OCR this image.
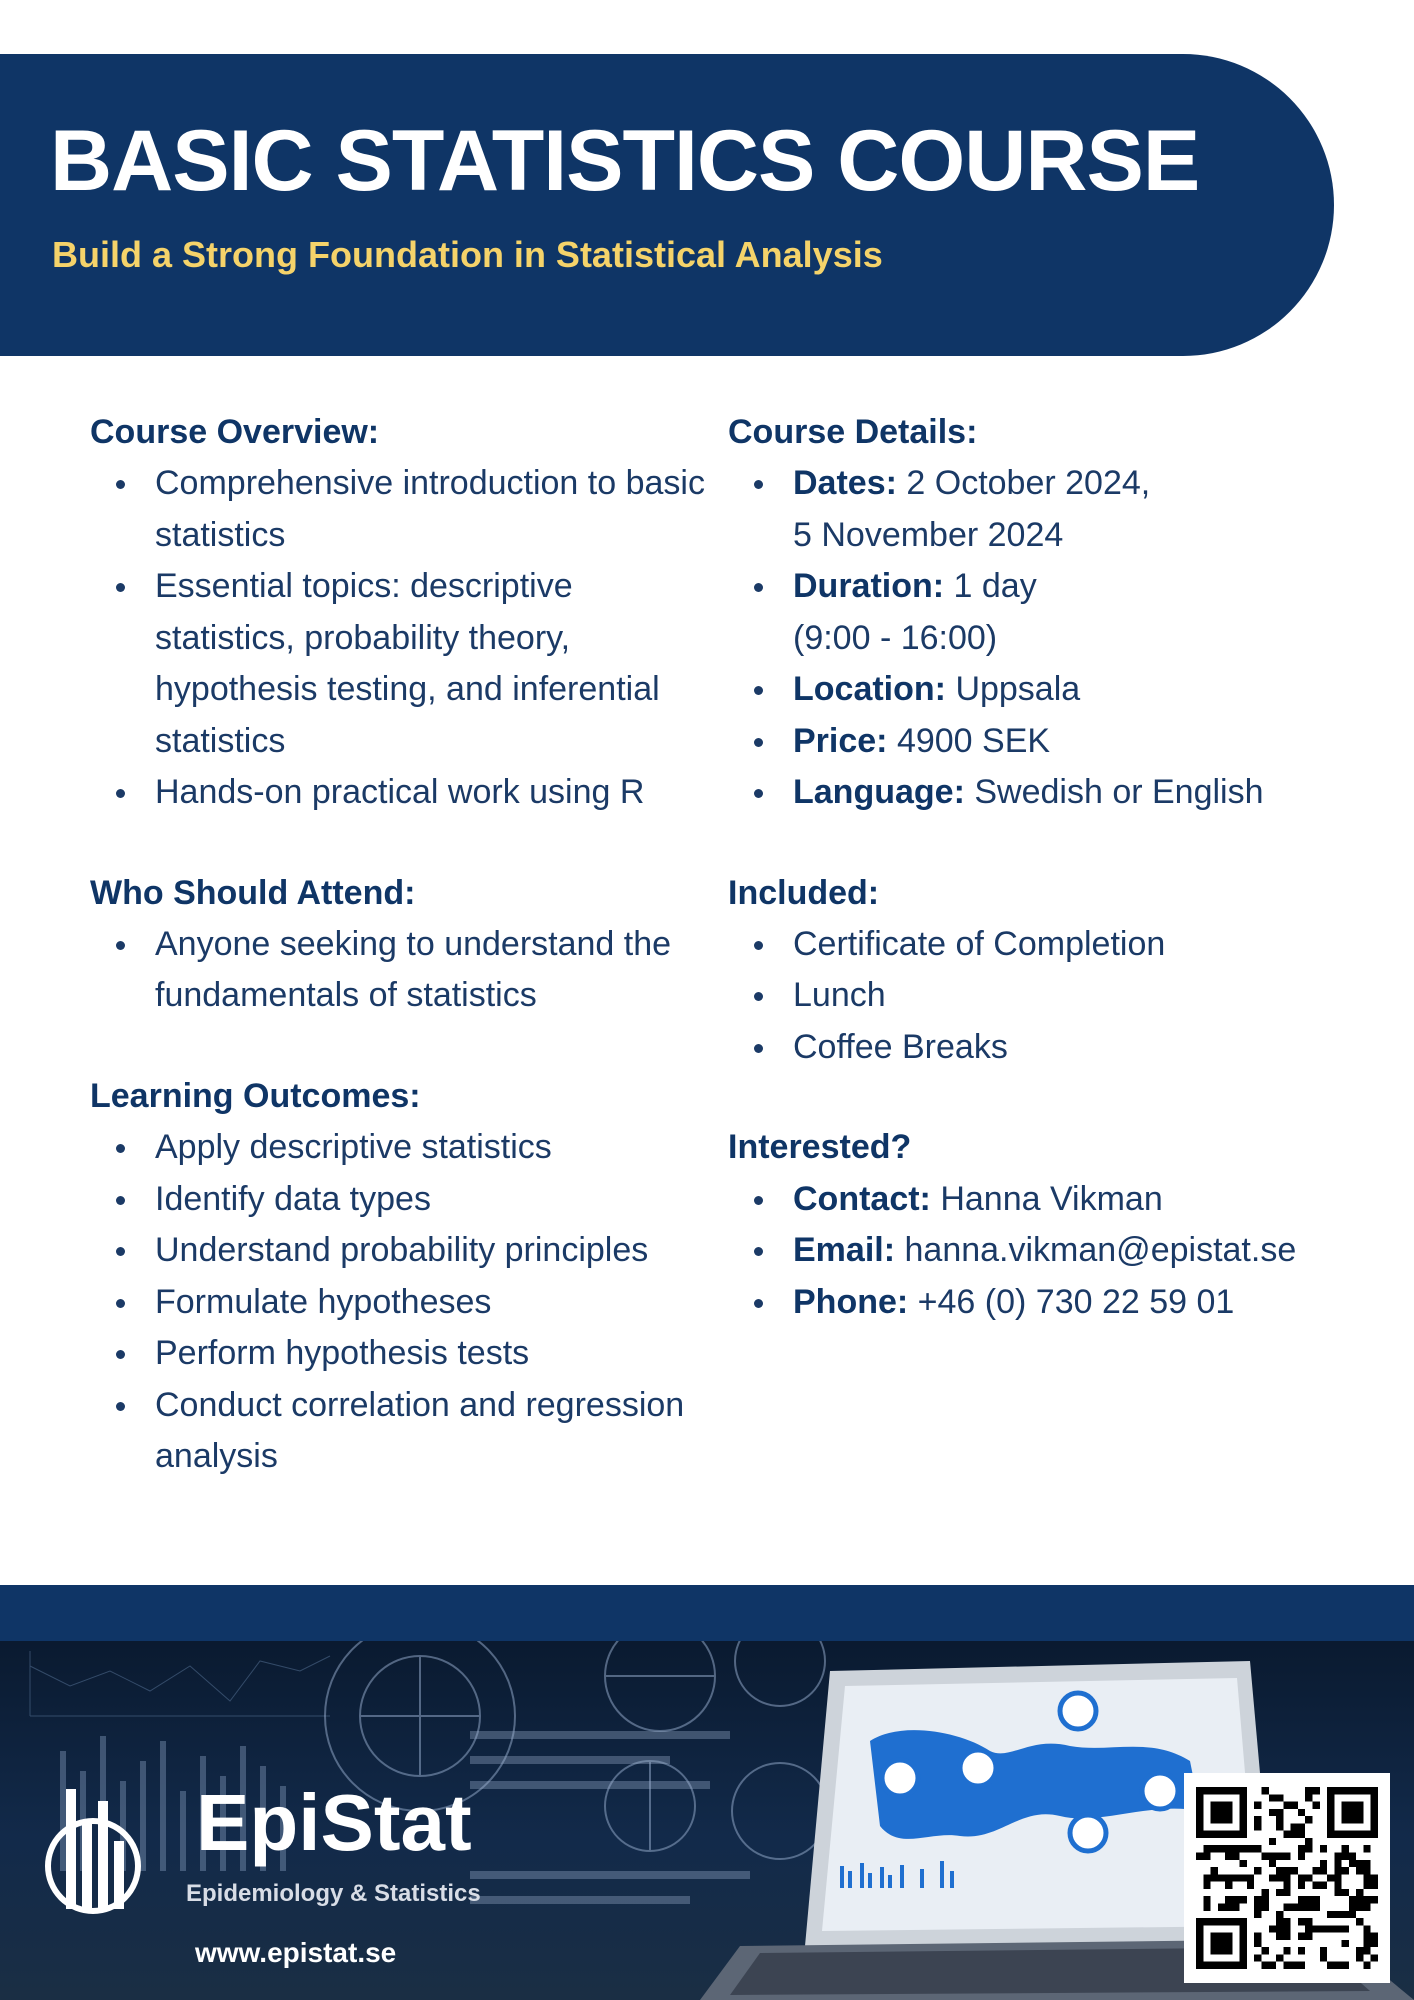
BASIC STATISTICS COURSE
Build a Strong Foundation in Statistical Analysis
Course Overview:
Comprehensive introduction to basic statistics
Essential topics: descriptive statistics, probability theory, hypothesis testing, and inferential statistics
Hands-on practical work using R
Who Should Attend:
Anyone seeking to understand the fundamentals of statistics
Learning Outcomes:
Apply descriptive statistics
Identify data types
Understand probability principles
Formulate hypotheses
Perform hypothesis tests
Conduct correlation and regression analysis
Course Details:
Dates: 2 October 2024,
5 November 2024
Duration: 1 day
(9:00 - 16:00)
Location: Uppsala
Price: 4900 SEK
Language: Swedish or English
Included:
Certificate of Completion
Lunch
Coffee Breaks
Interested?
Contact: Hanna Vikman
Email: hanna.vikman@epistat.se
Phone: +46 (0) 730 22 59 01
EpiStat
Epidemiology & Statistics
www.epistat.se
